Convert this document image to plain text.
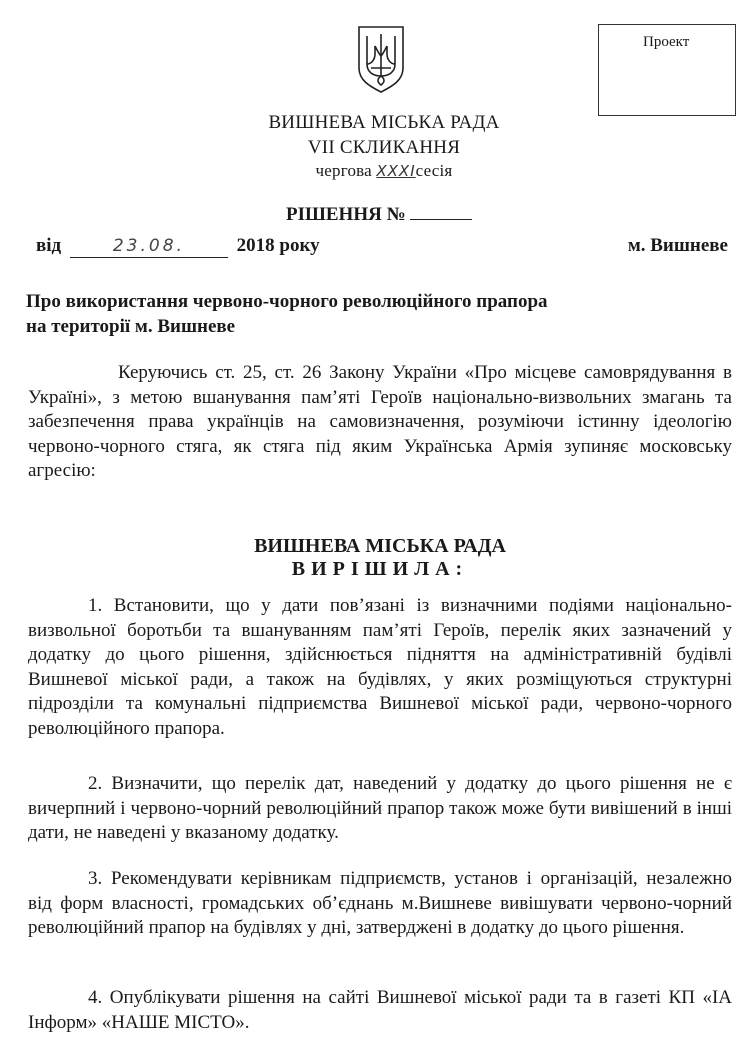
Проект
ВИШНЕВА МІСЬКА РАДА
VII СКЛИКАННЯ
чергова XXXIсесія
РІШЕННЯ №
від	23.08.	2018 року	м. Вишневе
Про використання червоно-чорного революційного прапора
на території м. Вишневе

Керуючись ст. 25, ст. 26 Закону України «Про місцеве самоврядування в Україні», з метою вшанування пам’яті Героїв національно-визвольних змагань та забезпечення права українців на самовизначення, розуміючи істинну ідеологію червоно-чорного стяга, як стяга під яким Українська Армія зупиняє московську агресію:

ВИШНЕВА МІСЬКА РАДА
ВИРІШИЛА:

1. Встановити, що у дати пов’язані із визначними подіями національно-визвольної боротьби та вшануванням пам’яті Героїв, перелік яких зазначений у додатку до цього рішення, здійснюється підняття на адміністративній будівлі Вишневої міської ради, а також на будівлях, у яких розміщуються структурні підрозділи та комунальні підприємства Вишневої міської ради, червоно-чорного революційного прапора.

2. Визначити, що перелік дат, наведений у додатку до цього рішення не є вичерпний і червоно-чорний революційний прапор також може бути вивішений в інші дати, не наведені у вказаному додатку.

3. Рекомендувати керівникам підприємств, установ і організацій, незалежно від форм власності, громадських об’єднань м.Вишневе вивішувати червоно-чорний революційний прапор на будівлях у дні, затверджені в додатку до цього рішення.

4. Опублікувати рішення на сайті Вишневої міської ради та в газеті КП «ІА Інформ» «НАШЕ МІСТО».
